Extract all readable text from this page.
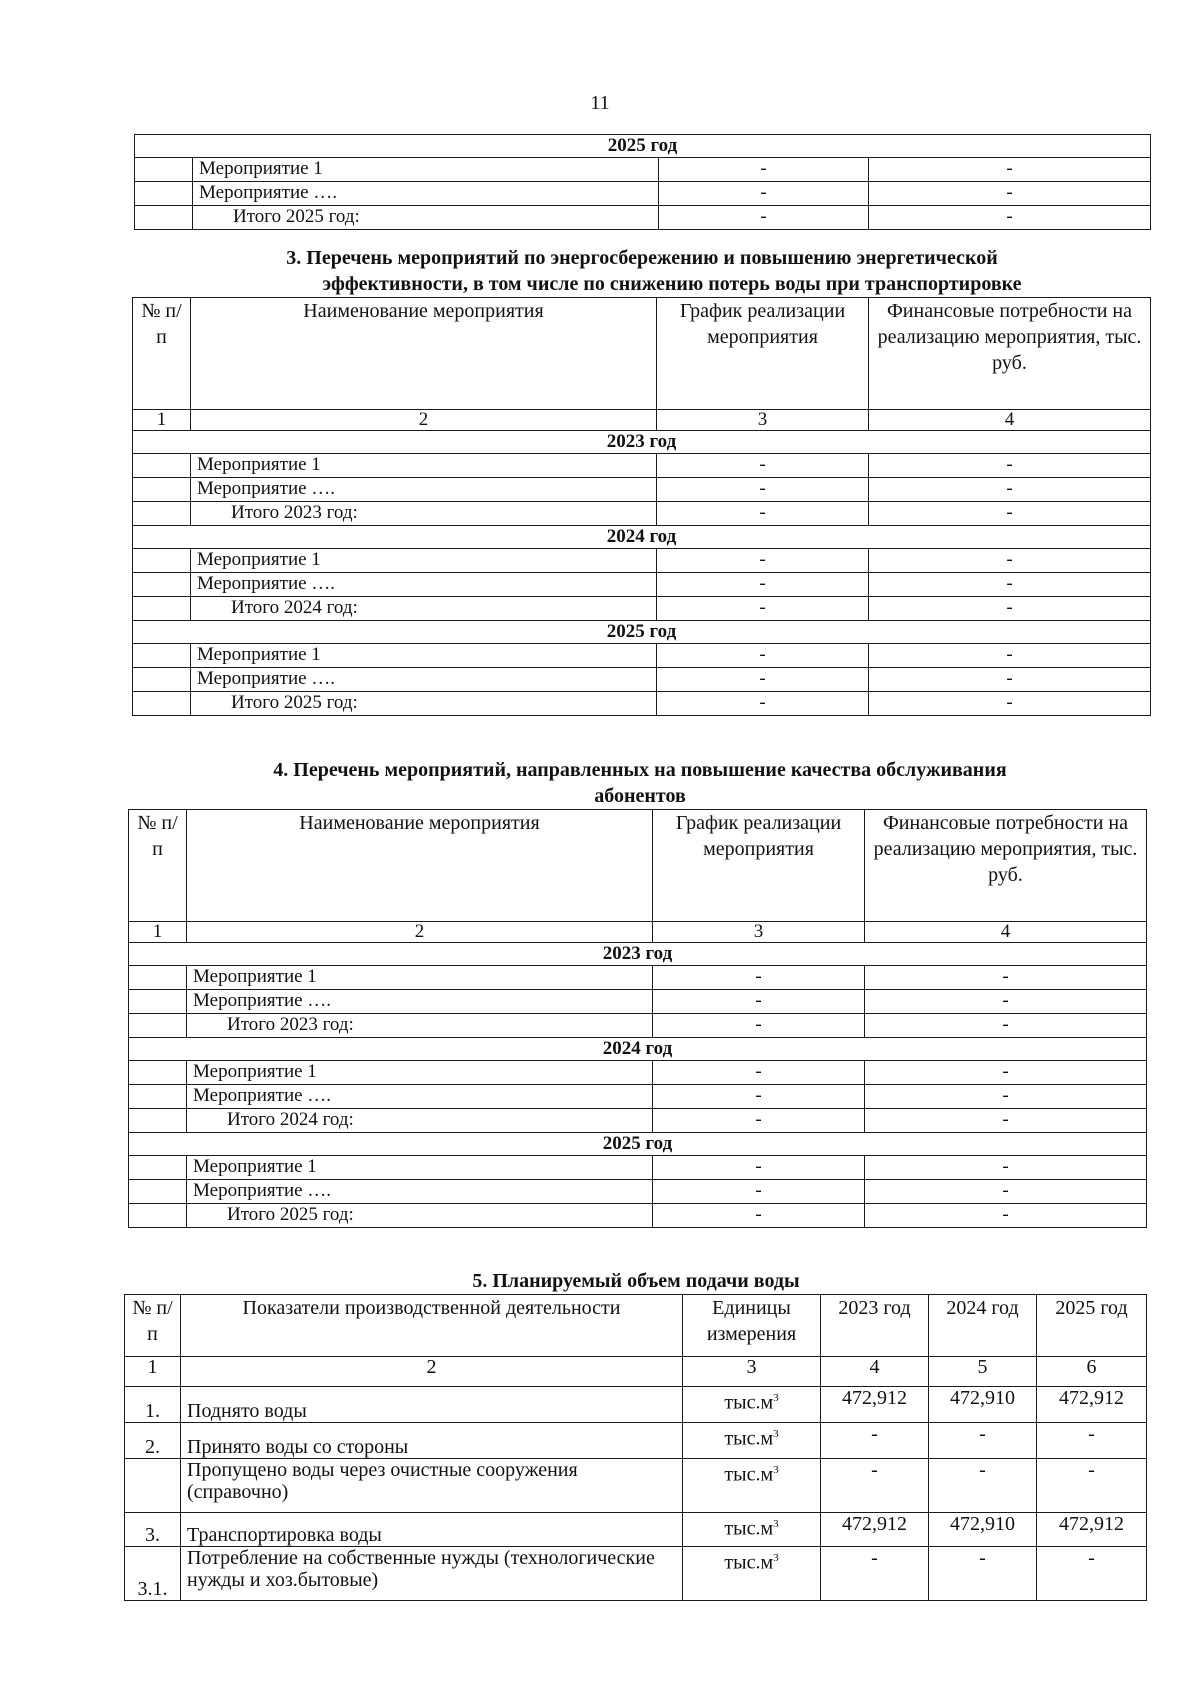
11
2025 год			
	Мероприятие 1	-	-
	Мероприятие ….	-	-
	Итого 2025 год:	-	-
3. Перечень мероприятий по энергосбережению и повышению энергетической
эффективности, в том числе по снижению потерь воды при транспортировке
№ п/п	Наименование мероприятия	График реализации мероприятия	Финансовые потребности на реализацию мероприятия, тыс. руб.
1	2	3	4
2023 год			
	Мероприятие 1	-	-
	Мероприятие ….	-	-
	Итого 2023 год:	-	-
2024 год			
	Мероприятие 1	-	-
	Мероприятие ….	-	-
	Итого 2024 год:	-	-
2025 год			
	Мероприятие 1	-	-
	Мероприятие ….	-	-
	Итого 2025 год:	-	-
4. Перечень мероприятий, направленных на повышение качества обслуживания
абонентов
№ п/п	Наименование мероприятия	График реализации мероприятия	Финансовые потребности на реализацию мероприятия, тыс. руб.
1	2	3	4
2023 год			
	Мероприятие 1	-	-
	Мероприятие ….	-	-
	Итого 2023 год:	-	-
2024 год			
	Мероприятие 1	-	-
	Мероприятие ….	-	-
	Итого 2024 год:	-	-
2025 год			
	Мероприятие 1	-	-
	Мероприятие ….	-	-
	Итого 2025 год:	-	-
5. Планируемый объем подачи воды
№ п/п	Показатели производственной деятельности	Единицы измерения	2023 год	2024 год	2025 год
1	2	3	4	5	6
1.	Поднято воды	$тыс.м^3$	472,912	472,910	472,912
2.	Принято воды со стороны	$тыс.м^3$	-	-	-
	Пропущено воды через очистные сооружения (справочно)	$тыс.м^3$	-	-	-
3.	Транспортировка воды	$тыс.м^3$	472,912	472,910	472,912
3.1.	Потребление на собственные нужды (технологические нужды и хоз.бытовые)	$тыс.м^3$	-	-	-
